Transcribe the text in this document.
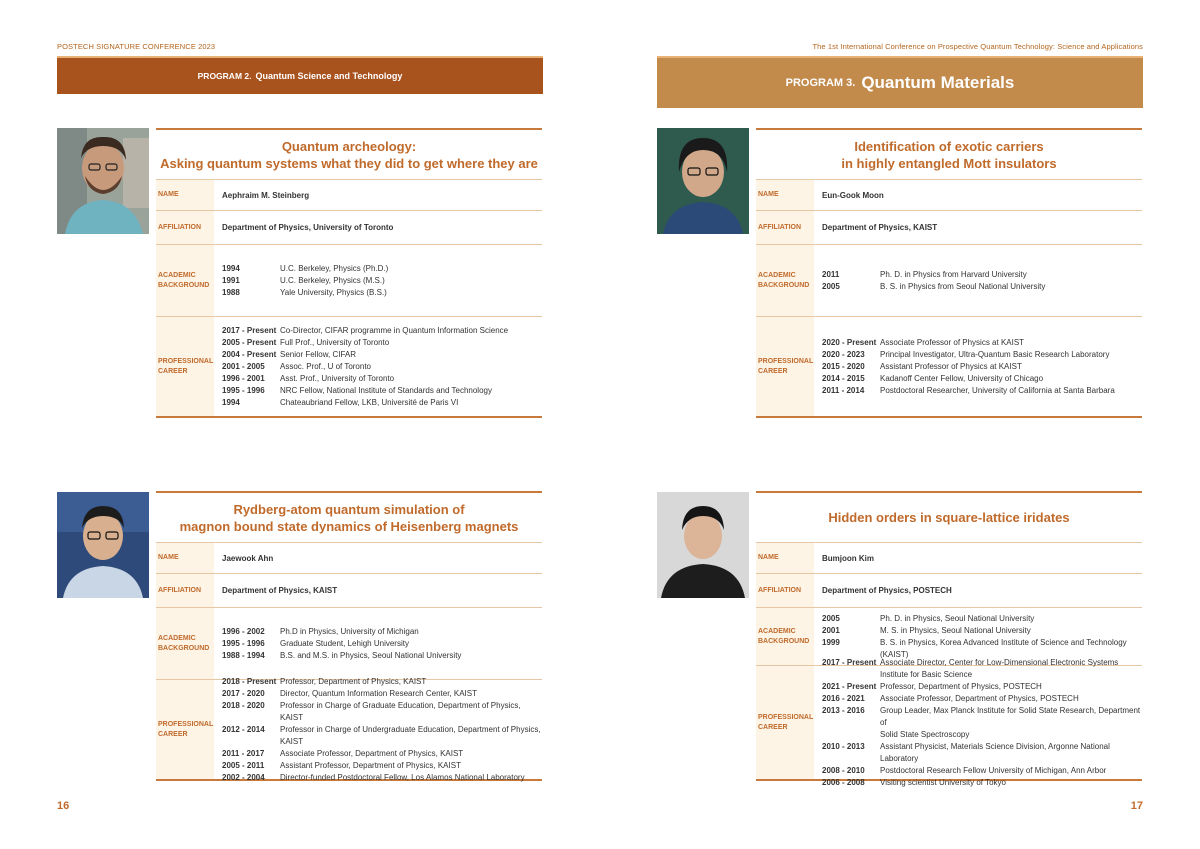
POSTECH SIGNATURE CONFERENCE 2023	The 1st International Conference on Prospective Quantum Technology: Science and Applications
PROGRAM 2. Quantum Science and Technology
PROGRAM 3. Quantum Materials
Quantum archeology:
Asking quantum systems what they did to get where they are
NAME	Aephraim M. Steinberg
AFFILIATION	Department of Physics, University of Toronto
ACADEMIC
BACKGROUND
1994	U.C. Berkeley, Physics (Ph.D.)
1991	U.C. Berkeley, Physics (M.S.)
1988	Yale University, Physics (B.S.)
PROFESSIONAL
CAREER
2017 - Present Co-Director, CIFAR programme in Quantum Information Science
2005 - Present Full Prof., University of Toronto
2004 - Present Senior Fellow, CIFAR
2001 - 2005	Assoc. Prof., U of Toronto
1996 - 2001	Asst. Prof., University of Toronto
1995 - 1996	NRC Fellow, National Institute of Standards and Technology
1994	Chateaubriand Fellow, LKB, Université de Paris VI
Rydberg-atom quantum simulation of
magnon bound state dynamics of Heisenberg magnets
NAME	Jaewook Ahn
AFFILIATION	Department of Physics, KAIST
ACADEMIC
BACKGROUND
1996 - 2002	Ph.D in Physics, University of Michigan
1995 - 1996	Graduate Student, Lehigh University
1988 - 1994	B.S. and M.S. in Physics, Seoul National University
PROFESSIONAL
CAREER
2018 - Present Professor, Department of Physics, KAIST
2017 - 2020	Director, Quantum Information Research Center, KAIST
2018 - 2020	Professor in Charge of Graduate Education, Department of Physics, KAIST
2012 - 2014	Professor in Charge of Undergraduate Education, Department of Physics, KAIST
2011 - 2017	Associate Professor, Department of Physics, KAIST
2005 - 2011	Assistant Professor, Department of Physics, KAIST
2002 - 2004	Director-funded Postdoctoral Fellow, Los Alamos National Laboratory
Identification of exotic carriers
in highly entangled Mott insulators
NAME	Eun-Gook Moon
AFFILIATION	Department of Physics, KAIST
ACADEMIC
BACKGROUND
2011	Ph. D. in Physics from Harvard University
2005	B. S. in Physics from Seoul National University
PROFESSIONAL
CAREER
2020 - Present Associate Professor of Physics at KAIST
2020 - 2023	Principal Investigator, Ultra-Quantum Basic Research Laboratory
2015 - 2020	Assistant Professor of Physics at KAIST
2014 - 2015	Kadanoff Center Fellow, University of Chicago
2011 - 2014	Postdoctoral Researcher, University of California at Santa Barbara
Hidden orders in square-lattice iridates
NAME	Bumjoon Kim
AFFILIATION	Department of Physics, POSTECH
ACADEMIC
BACKGROUND
2005	Ph. D. in Physics, Seoul National University
2001	M. S. in Physics, Seoul National University
1999	B. S. in Physics, Korea Advanced Institute of Science and Technology (KAIST)
PROFESSIONAL
CAREER
2017 - Present Associate Director, Center for Low-Dimensional Electronic Systems
Institute for Basic Science
2021 - Present Professor, Department of Physics, POSTECH
2016 - 2021	Associate Professor, Department of Physics, POSTECH
2013 - 2016	Group Leader, Max Planck Institute for Solid State Research, Department of
Solid State Spectroscopy
2010 - 2013	Assistant Physicist, Materials Science Division, Argonne National Laboratory
2008 - 2010	Postdoctoral Research Fellow University of Michigan, Ann Arbor
2006 - 2008	Visiting scientist University of Tokyo
16	17
